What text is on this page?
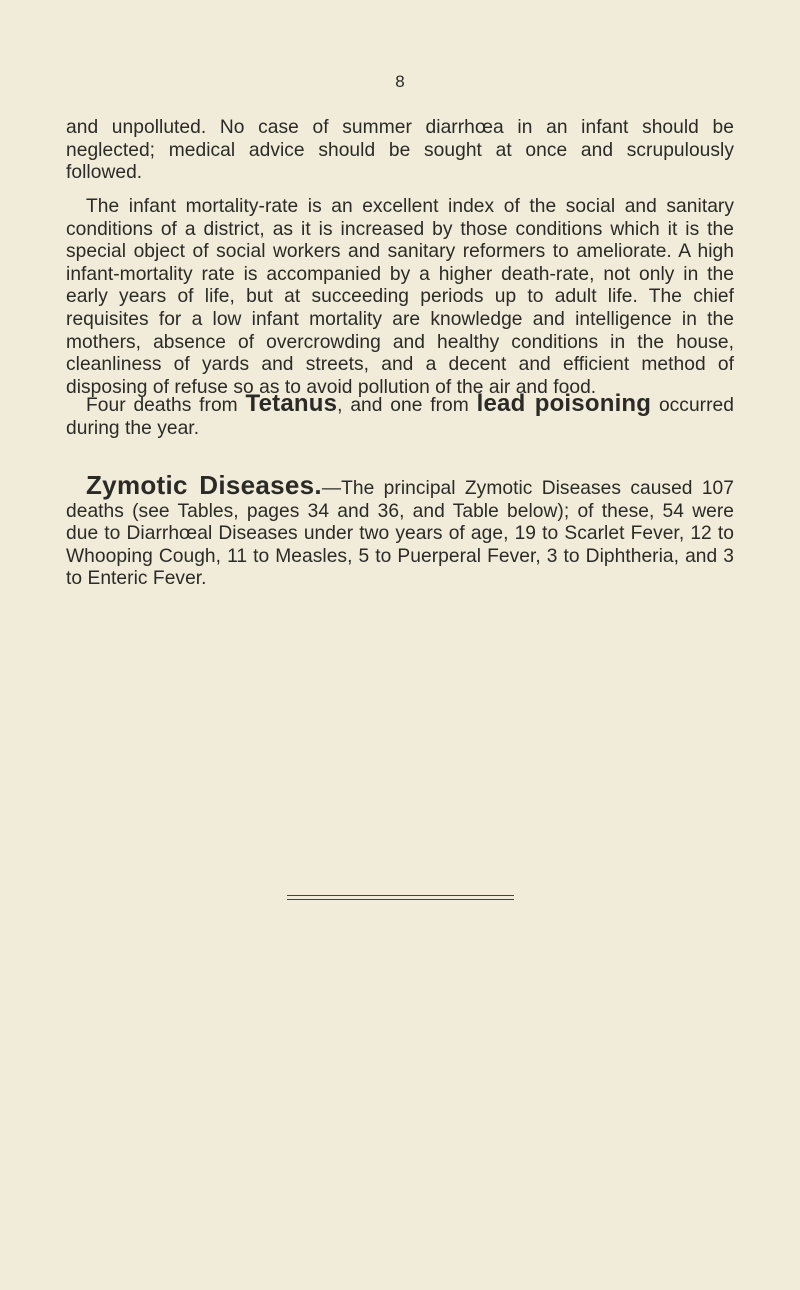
8

and unpolluted. No case of summer diarrhœa in an infant should be neglected; medical advice should be sought at once and scrupulously followed.

The infant mortality-rate is an excellent index of the social and sanitary conditions of a district, as it is increased by those conditions which it is the special object of social workers and sanitary reformers to ameliorate. A high infant-mortality rate is accompanied by a higher death-rate, not only in the early years of life, but at succeeding periods up to adult life. The chief requisites for a low infant mortality are knowledge and intelligence in the mothers, absence of overcrowding and healthy conditions in the house, cleanliness of yards and streets, and a decent and efficient method of disposing of refuse so as to avoid pollution of the air and food.

Four deaths from Tetanus, and one from lead poisoning occurred during the year.

Zymotic Diseases.—The principal Zymotic Diseases caused 107 deaths (see Tables, pages 34 and 36, and Table below); of these, 54 were due to Diarrhœal Diseases under two years of age, 19 to Scarlet Fever, 12 to Whooping Cough, 11 to Measles, 5 to Puerperal Fever, 3 to Diphtheria, and 3 to Enteric Fever.
